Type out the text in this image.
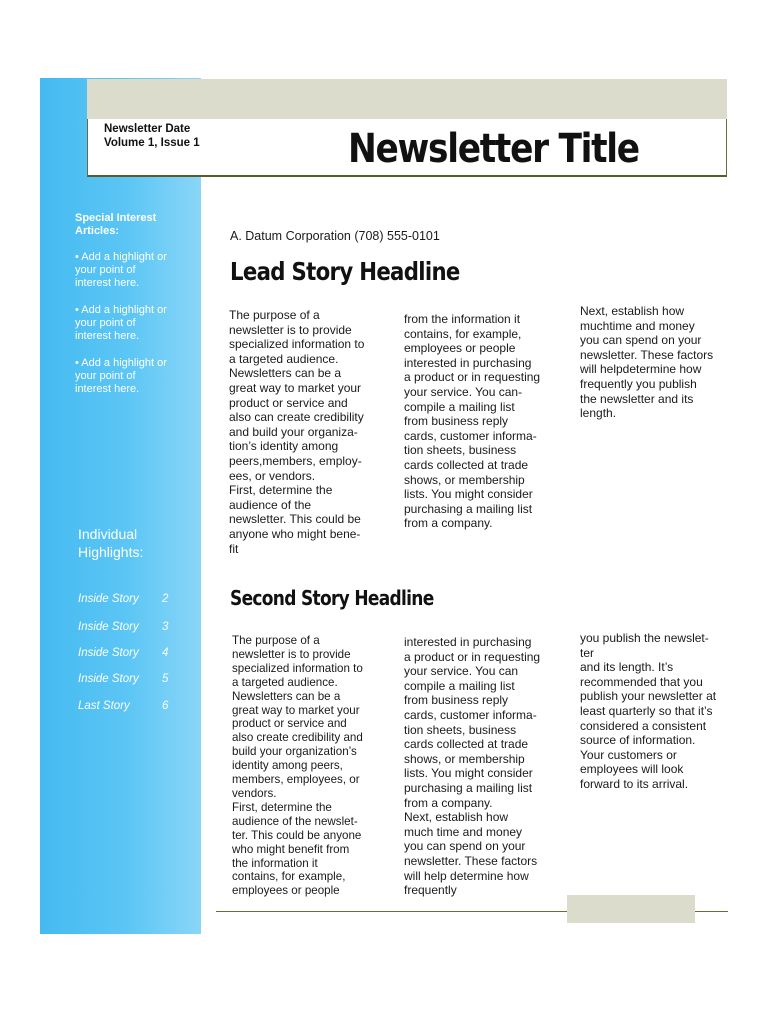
Newsletter Date
Volume 1, Issue 1	Newsletter Title
Special Interest Articles:
• Add a highlight or your point of interest here.
• Add a highlight or your point of interest here.
• Add a highlight or your point of interest here.
Individual Highlights:
Inside Story 2
Inside Story 3
Inside Story 4
Inside Story 5
Last Story	6
A. Datum Corporation (708) 555-0101
Lead Story Headline
The purpose of a
newsletter is to provide
specialized information to
a targeted audience.
Newsletters can be a
great way to market your
product or service and
also can create credibility
and build your organiza-
tion’s identity among
peers,members, employ-
ees, or vendors.
First, determine the
audience of the
newsletter. This could be
anyone who might bene-
fit
from the information it
contains, for example,
employees or people
interested in purchasing
a product or in requesting
your service. You can-
compile a mailing list
from business reply
cards, customer informa-
tion sheets, business
cards collected at trade
shows, or membership
lists. You might consider
purchasing a mailing list
from a company.
Next, establish how
muchtime and money
you can spend on your
newsletter. These factors
will helpdetermine how
frequently you publish
the newsletter and its
length.
Second Story Headline
The purpose of a
newsletter is to provide
specialized information to
a targeted audience.
Newsletters can be a
great way to market your
product or service and
also create credibility and
build your organization’s
identity among peers,
members, employees, or
vendors.
First, determine the
audience of the newslet-
ter. This could be anyone
who might benefit from
the information it
contains, for example,
employees or people
interested in purchasing
a product or in requesting
your service. You can
compile a mailing list
from business reply
cards, customer informa-
tion sheets, business
cards collected at trade
shows, or membership
lists. You might consider
purchasing a mailing list
from a company.
Next, establish how
much time and money
you can spend on your
newsletter. These factors
will help determine how
frequently
you publish the newslet-
ter
and its length. It’s
recommended that you
publish your newsletter at
least quarterly so that it’s
considered a consistent
source of information.
Your customers or
employees will look
forward to its arrival.
